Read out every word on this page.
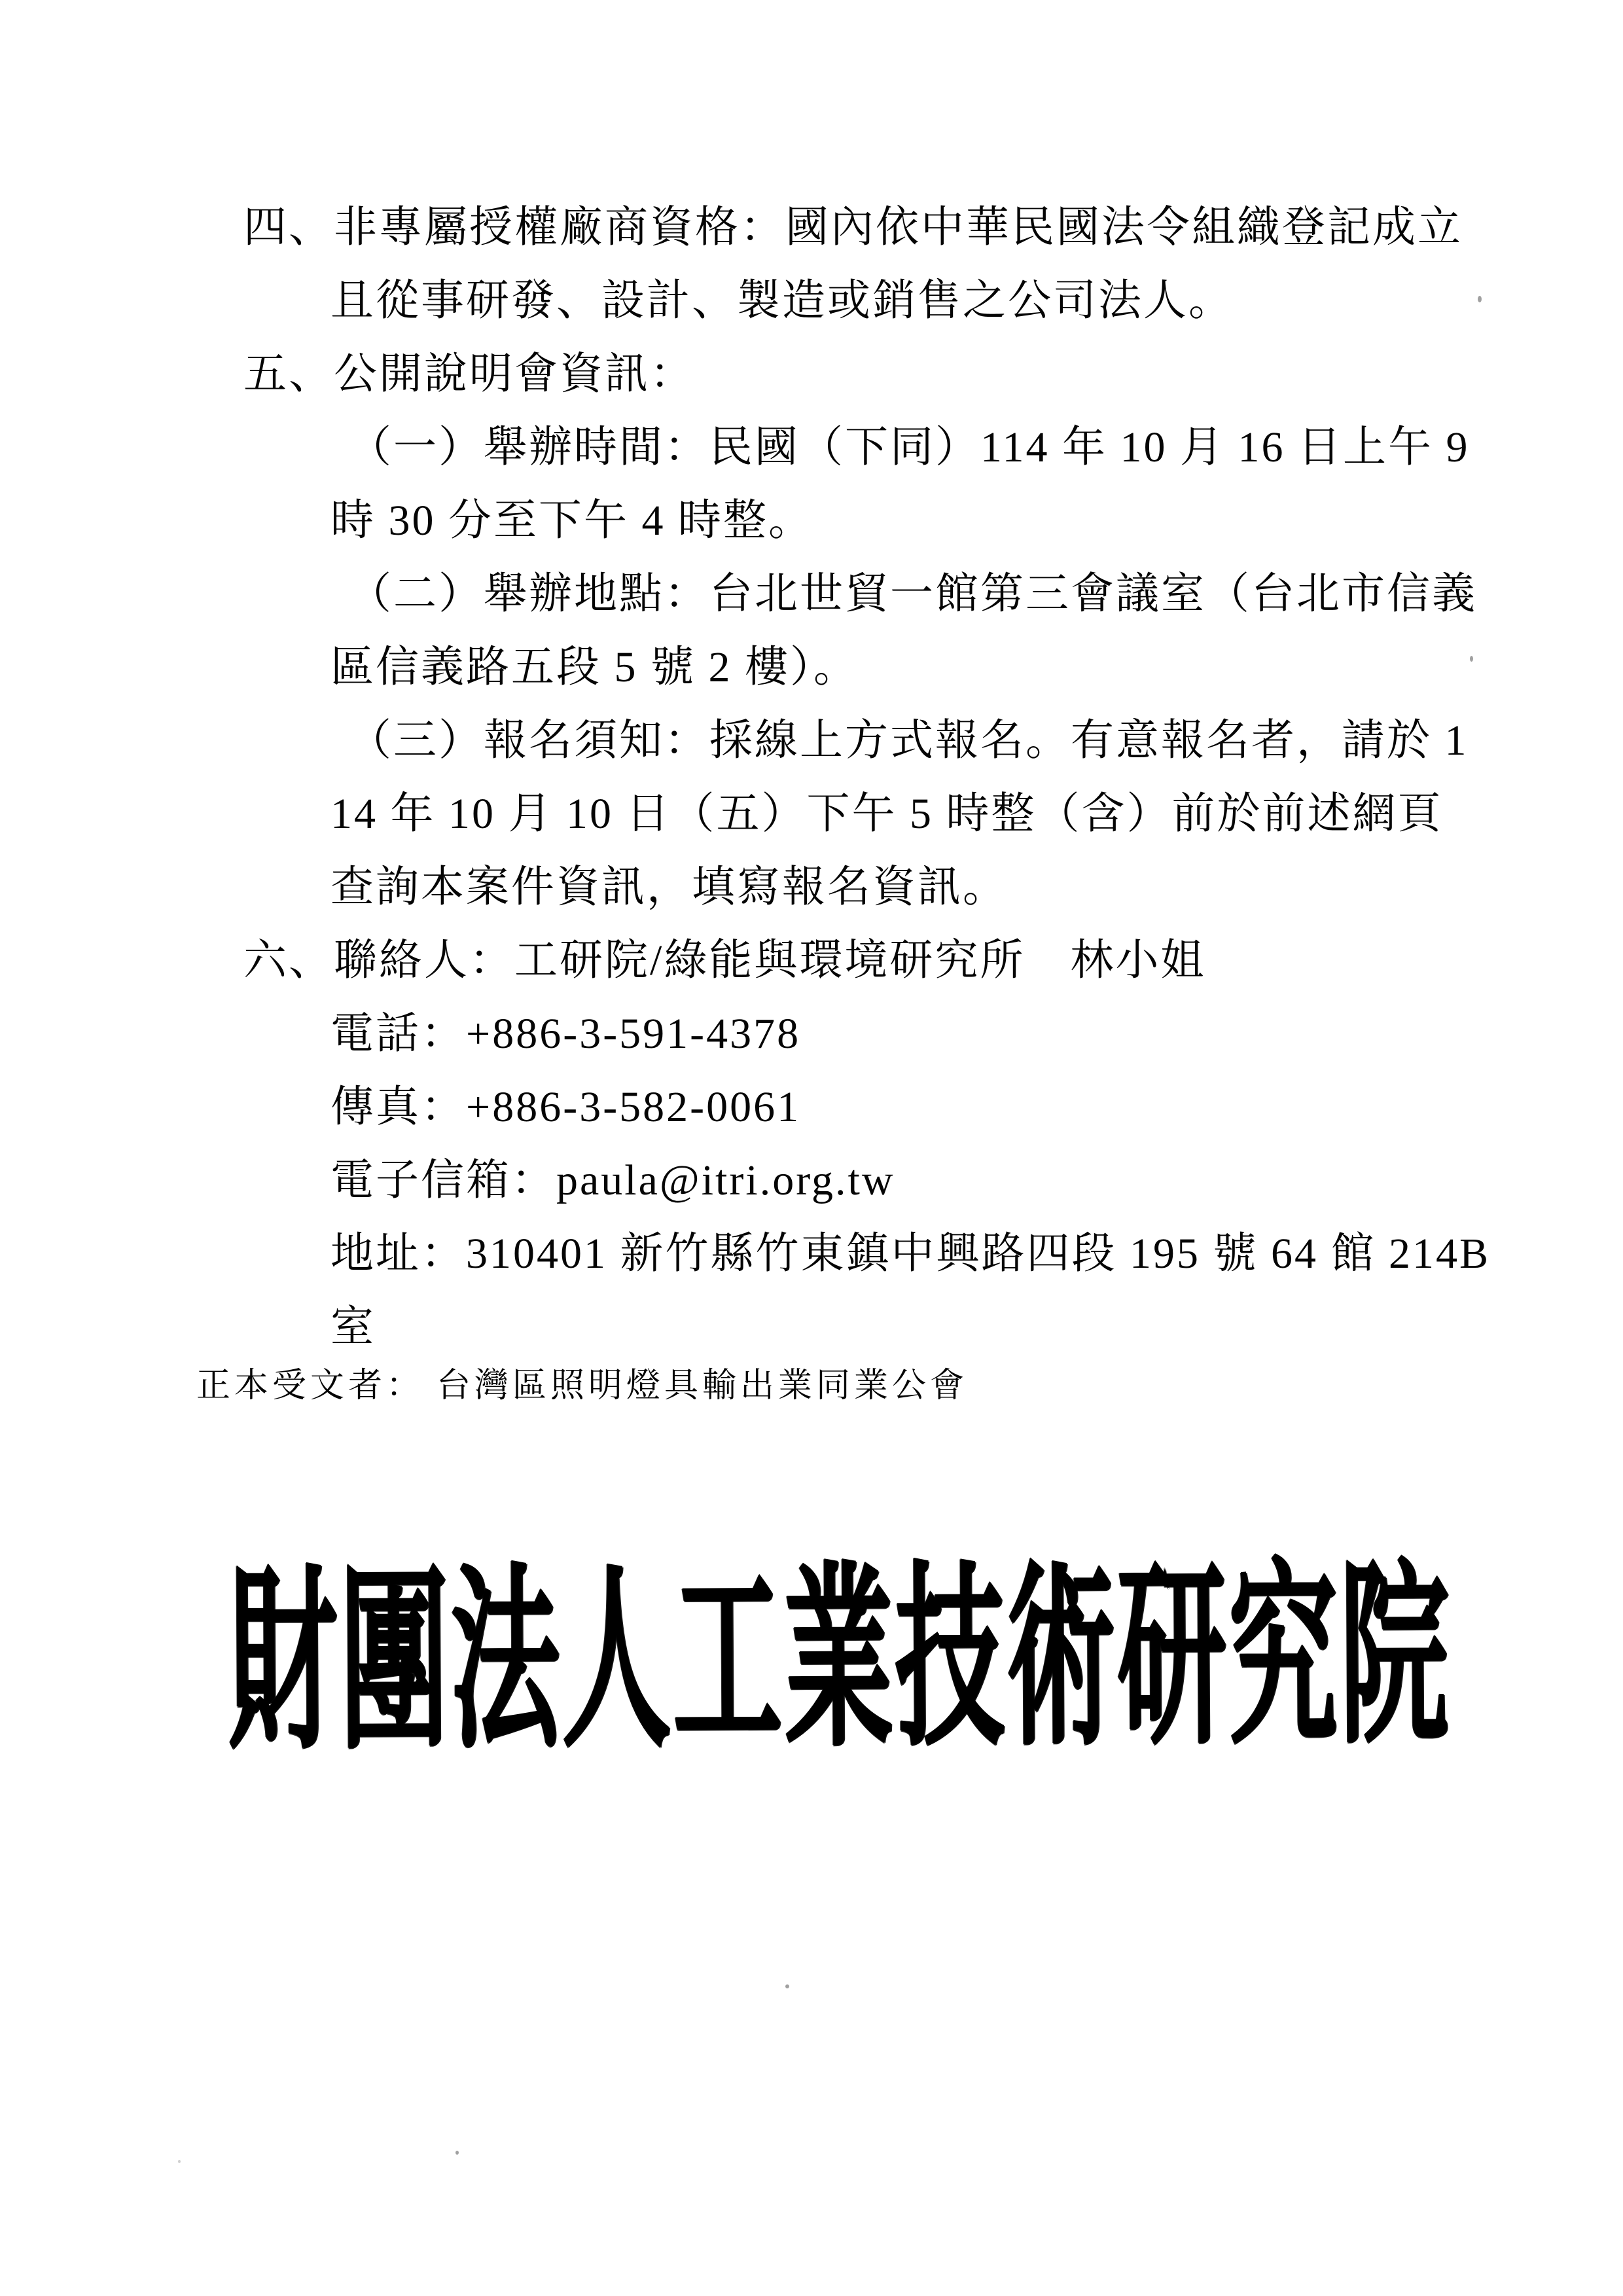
四、非專屬授權廠商資格：國內依中華民國法令組織登記成立
且從事研發、設計、製造或銷售之公司法人。
五、公開說明會資訊：
（一）舉辦時間：民國（下同）114 年 10 月 16 日上午 9
時 30 分至下午 4 時整。
（二）舉辦地點：台北世貿一館第三會議室（台北市信義
區信義路五段 5 號 2 樓）。
（三）報名須知：採線上方式報名。有意報名者，請於 1
14 年 10 月 10 日（五）下午 5 時整（含）前於前述網頁
查詢本案件資訊，填寫報名資訊。
六、聯絡人：工研院/綠能與環境研究所　林小姐
電話：+886-3-591-4378
傳真：+886-3-582-0061
電子信箱：paula@itri.org.tw
地址：310401 新竹縣竹東鎮中興路四段 195 號 64 館 214B
室
正本受文者： 台灣區照明燈具輸出業同業公會
財團法人工業技術研究院
